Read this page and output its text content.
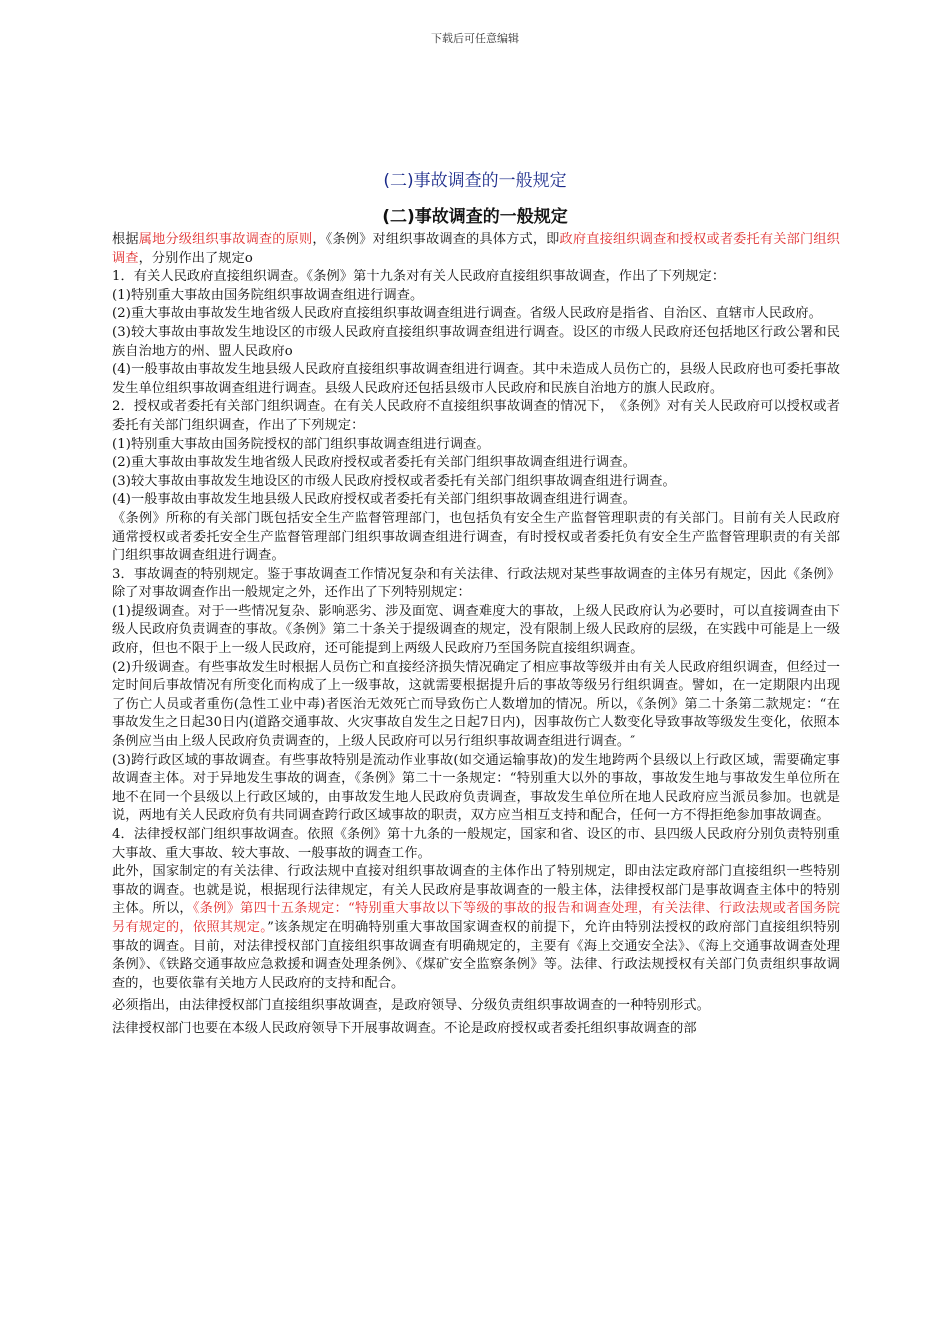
下载后可任意编辑
(二)事故调查的一般规定
(二)事故调查的一般规定

根据属地分级组织事故调查的原则，《条例》对组织事故调查的具体方式，即政府直接组织调查和授权或者委托有关部门组织调查，分别作出了规定o

1．有关人民政府直接组织调查。《条例》第十九条对有关人民政府直接组织事故调查，作出了下列规定：

(1)特别重大事故由国务院组织事故调查组进行调查。

(2)重大事故由事故发生地省级人民政府直接组织事故调查组进行调查。省级人民政府是指省、自治区、直辖市人民政府。

(3)较大事故由事故发生地设区的市级人民政府直接组织事故调查组进行调查。设区的市级人民政府还包括地区行政公署和民族自治地方的州、盟人民政府o

(4)一般事故由事故发生地县级人民政府直接组织事故调查组进行调查。其中未造成人员伤亡的，县级人民政府也可委托事故发生单位组织事故调查组进行调查。县级人民政府还包括县级市人民政府和民族自治地方的旗人民政府。

2．授权或者委托有关部门组织调查。在有关人民政府不直接组织事故调查的情况下，　《条例》对有关人民政府可以授权或者委托有关部门组织调查，作出了下列规定：

(1)特别重大事故由国务院授权的部门组织事故调查组进行调查。

(2)重大事故由事故发生地省级人民政府授权或者委托有关部门组织事故调查组进行调查。

(3)较大事故由事故发生地设区的市级人民政府授权或者委托有关部门组织事故调查组进行调查。

(4)一般事故由事故发生地县级人民政府授权或者委托有关部门组织事故调查组进行调查。

《条例》所称的有关部门既包括安全生产监督管理部门，也包括负有安全生产监督管理职责的有关部门。目前有关人民政府通常授权或者委托安全生产监督管理部门组织事故调查组进行调查，有时授权或者委托负有安全生产监督管理职责的有关部门组织事故调查组进行调查。

3．事故调查的特别规定。鉴于事故调查工作情况复杂和有关法律、行政法规对某些事故调查的主体另有规定，因此《条例》除了对事故调查作出一般规定之外，还作出了下列特别规定：

(1)提级调查。对于一些情况复杂、影响恶劣、涉及面宽、调查难度大的事故，上级人民政府认为必要时，可以直接调查由下级人民政府负责调查的事故。《条例》第二十条关于提级调查的规定，没有限制上级人民政府的层级，在实践中可能是上一级政府，但也不限于上一级人民政府，还可能提到上两级人民政府乃至国务院直接组织调查。

(2)升级调查。有些事故发生时根据人员伤亡和直接经济损失情况确定了相应事故等级并由有关人民政府组织调查，但经过一定时间后事故情况有所变化而构成了上一级事故，这就需要根据提升后的事故等级另行组织调查。譬如，在一定期限内出现了伤亡人员或者重伤(急性工业中毒)者医治无效死亡而导致伤亡人数增加的情况。所以，《条例》第二十条第二款规定：“在事故发生之日起30日内(道路交通事故、火灾事故自发生之日起7日内)，因事故伤亡人数变化导致事故等级发生变化，依照本条例应当由上级人民政府负责调查的，上级人民政府可以另行组织事故调查组进行调查。″

(3)跨行政区域的事故调查。有些事故特别是流动作业事故(如交通运输事故)的发生地跨两个县级以上行政区域，需要确定事故调查主体。对于异地发生事故的调查，《条例》第二十一条规定：“特别重大以外的事故，事故发生地与事故发生单位所在地不在同一个县级以上行政区域的，由事故发生地人民政府负责调查，事故发生单位所在地人民政府应当派员参加。也就是说，两地有关人民政府负有共同调查跨行政区域事故的职责，双方应当相互支持和配合，任何一方不得拒绝参加事故调查。

4．法律授权部门组织事故调查。依照《条例》第十九条的一般规定，国家和省、设区的市、县四级人民政府分别负责特别重大事故、重大事故、较大事故、一般事故的调查工作。

此外，国家制定的有关法律、行政法规中直接对组织事故调查的主体作出了特别规定，即由法定政府部门直接组织一些特别事故的调查。也就是说，根据现行法律规定，有关人民政府是事故调查的一般主体，法律授权部门是事故调查主体中的特别主体。所以，《条例》第四十五条规定：“特别重大事故以下等级的事故的报告和调查处理，有关法律、行政法规或者国务院另有规定的，依照其规定。”该条规定在明确特别重大事故国家调查权的前提下，允许由特别法授权的政府部门直接组织特别事故的调查。目前，对法律授权部门直接组织事故调查有明确规定的，主要有《海上交通安全法》、《海上交通事故调查处理条例》、《铁路交通事故应急救援和调查处理条例》、《煤矿安全监察条例》等。法律、行政法规授权有关部门负责组织事故调查的，也要依靠有关地方人民政府的支持和配合。

必须指出，由法律授权部门直接组织事故调查，是政府领导、分级负责组织事故调查的一种特别形式。

法律授权部门也要在本级人民政府领导下开展事故调查。不论是政府授权或者委托组织事故调查的部
